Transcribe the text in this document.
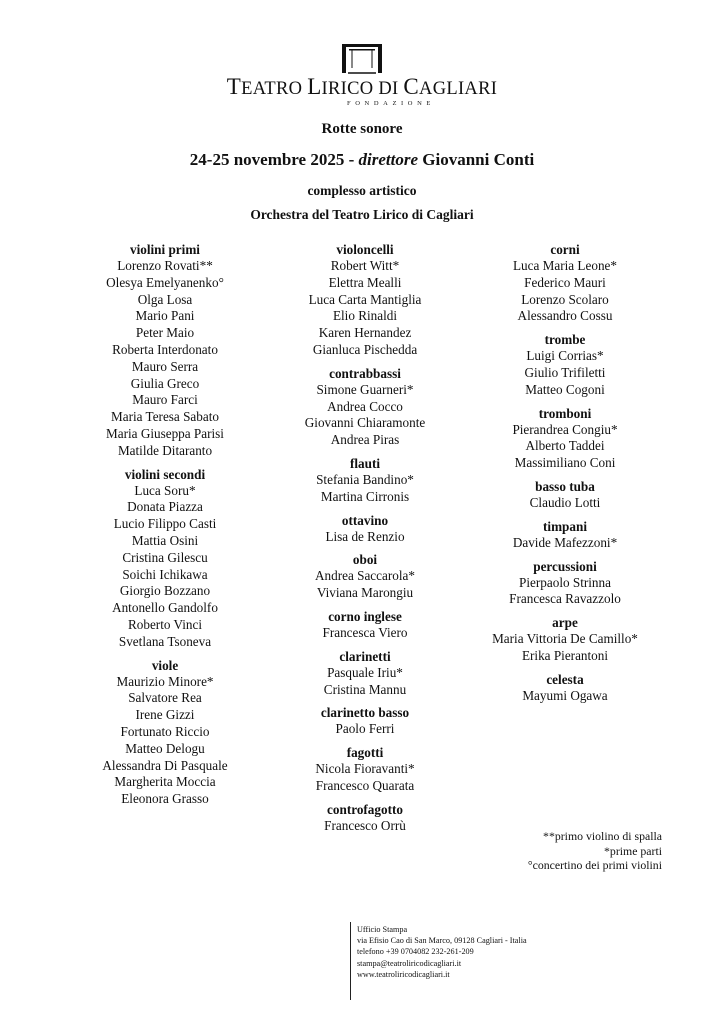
TEATRO LIRICO DI CAGLIARI
FONDAZIONE
Rotte sonore
24-25 novembre 2025 - direttore Giovanni Conti
complesso artistico
Orchestra del Teatro Lirico di Cagliari
violini primi
Lorenzo Rovati**
Olesya Emelyanenko°
Olga Losa
Mario Pani
Peter Maio
Roberta Interdonato
Mauro Serra
Giulia Greco
Mauro Farci
Maria Teresa Sabato
Maria Giuseppa Parisi
Matilde Ditaranto
violini secondi
Luca Soru*
Donata Piazza
Lucio Filippo Casti
Mattia Osini
Cristina Gilescu
Soichi Ichikawa
Giorgio Bozzano
Antonello Gandolfo
Roberto Vinci
Svetlana Tsoneva
viole
Maurizio Minore*
Salvatore Rea
Irene Gizzi
Fortunato Riccio
Matteo Delogu
Alessandra Di Pasquale
Margherita Moccia
Eleonora Grasso
violoncelli
Robert Witt*
Elettra Mealli
Luca Carta Mantiglia
Elio Rinaldi
Karen Hernandez
Gianluca Pischedda
contrabbassi
Simone Guarneri*
Andrea Cocco
Giovanni Chiaramonte
Andrea Piras
flauti
Stefania Bandino*
Martina Cirronis
ottavino
Lisa de Renzio
oboi
Andrea Saccarola*
Viviana Marongiu
corno inglese
Francesca Viero
clarinetti
Pasquale Iriu*
Cristina Mannu
clarinetto basso
Paolo Ferri
fagotti
Nicola Fioravanti*
Francesco Quarata
controfagotto
Francesco Orrù
corni
Luca Maria Leone*
Federico Mauri
Lorenzo Scolaro
Alessandro Cossu
trombe
Luigi Corrias*
Giulio Trifiletti
Matteo Cogoni
tromboni
Pierandrea Congiu*
Alberto Taddei
Massimiliano Coni
basso tuba
Claudio Lotti
timpani
Davide Mafezzoni*
percussioni
Pierpaolo Strinna
Francesca Ravazzolo
arpe
Maria Vittoria De Camillo*
Erika Pierantoni
celesta
Mayumi Ogawa
**primo violino di spalla
*prime parti
°concertino dei primi violini
Ufficio Stampa
via Efisio Cao di San Marco, 09128 Cagliari - Italia
telefono +39 0704082 232-261-209
stampa@teatroliricodicagliari.it
www.teatroliricodicagliari.it
